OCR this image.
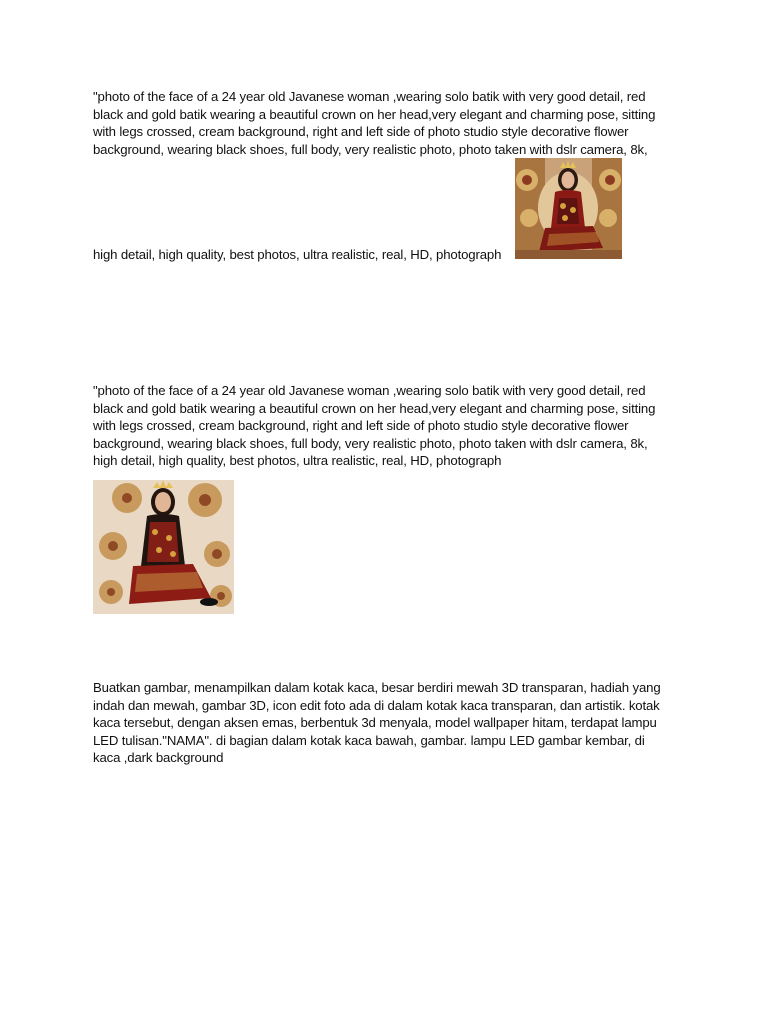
"photo of the face of a 24 year old Javanese woman ,wearing solo batik with very good detail, red black and gold batik wearing a beautiful crown on her head,very elegant and charming pose, sitting with legs crossed, cream background, right and left side of photo studio style decorative flower background, wearing black shoes, full body, very realistic photo, photo taken with dslr camera, 8k,

high detail, high quality, best photos, ultra realistic, real, HD, photograph

"photo of the face of a 24 year old Javanese woman ,wearing solo batik with very good detail, red black and gold batik wearing a beautiful crown on her head,very elegant and charming pose, sitting with legs crossed, cream background, right and left side of photo studio style decorative flower background, wearing black shoes, full body, very realistic photo, photo taken with dslr camera, 8k, high detail, high quality, best photos, ultra realistic, real, HD, photograph

Buatkan gambar, menampilkan dalam kotak kaca, besar berdiri mewah 3D transparan, hadiah yang indah dan mewah, gambar 3D, icon edit foto ada di dalam kotak kaca transparan, dan artistik. kotak kaca tersebut, dengan aksen emas, berbentuk 3d menyala, model wallpaper hitam, terdapat lampu LED tulisan."NAMA". di bagian dalam kotak kaca bawah, gambar. lampu LED gambar kembar, di kaca ,dark background
